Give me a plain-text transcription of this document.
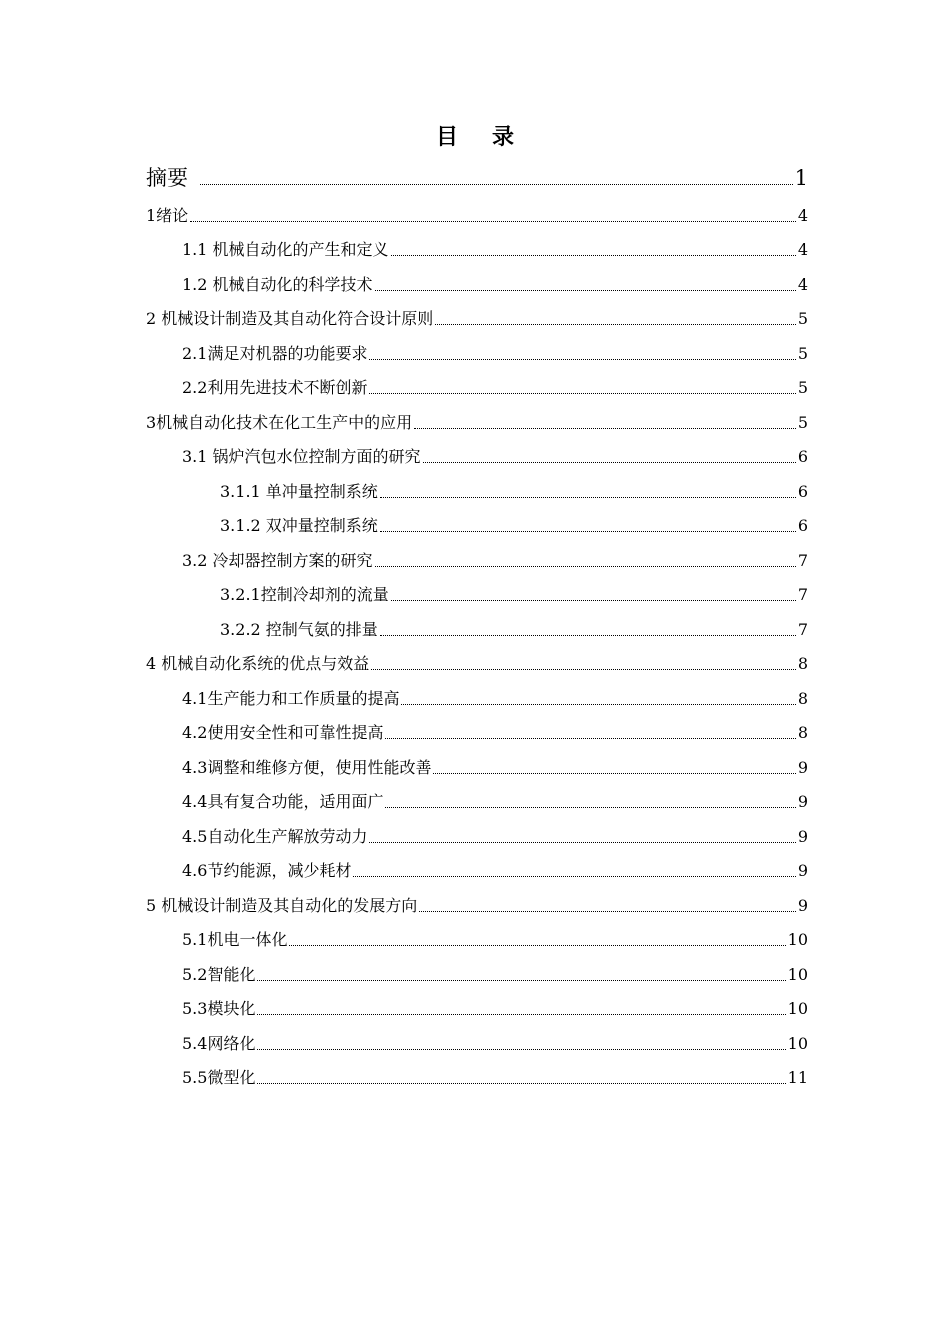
目录
摘要	1
1绪论	4
1.1 机械自动化的产生和定义	4
1.2 机械自动化的科学技术	4
2 机械设计制造及其自动化符合设计原则	5
2.1满足对机器的功能要求	5
2.2利用先进技术不断创新	5
3机械自动化技术在化工生产中的应用	5
3.1 锅炉汽包水位控制方面的研究	6
3.1.1 单冲量控制系统	6
3.1.2 双冲量控制系统	6
3.2 冷却器控制方案的研究	7
3.2.1控制冷却剂的流量	7
3.2.2 控制气氨的排量	7
4 机械自动化系统的优点与效益	8
4.1生产能力和工作质量的提高	8
4.2使用安全性和可靠性提高	8
4.3调整和维修方便，使用性能改善	9
4.4具有复合功能，适用面广	9
4.5自动化生产解放劳动力	9
4.6节约能源，减少耗材	9
5 机械设计制造及其自动化的发展方向	9
5.1机电一体化	10
5.2智能化	10
5.3模块化	10
5.4网络化	10
5.5微型化	11
